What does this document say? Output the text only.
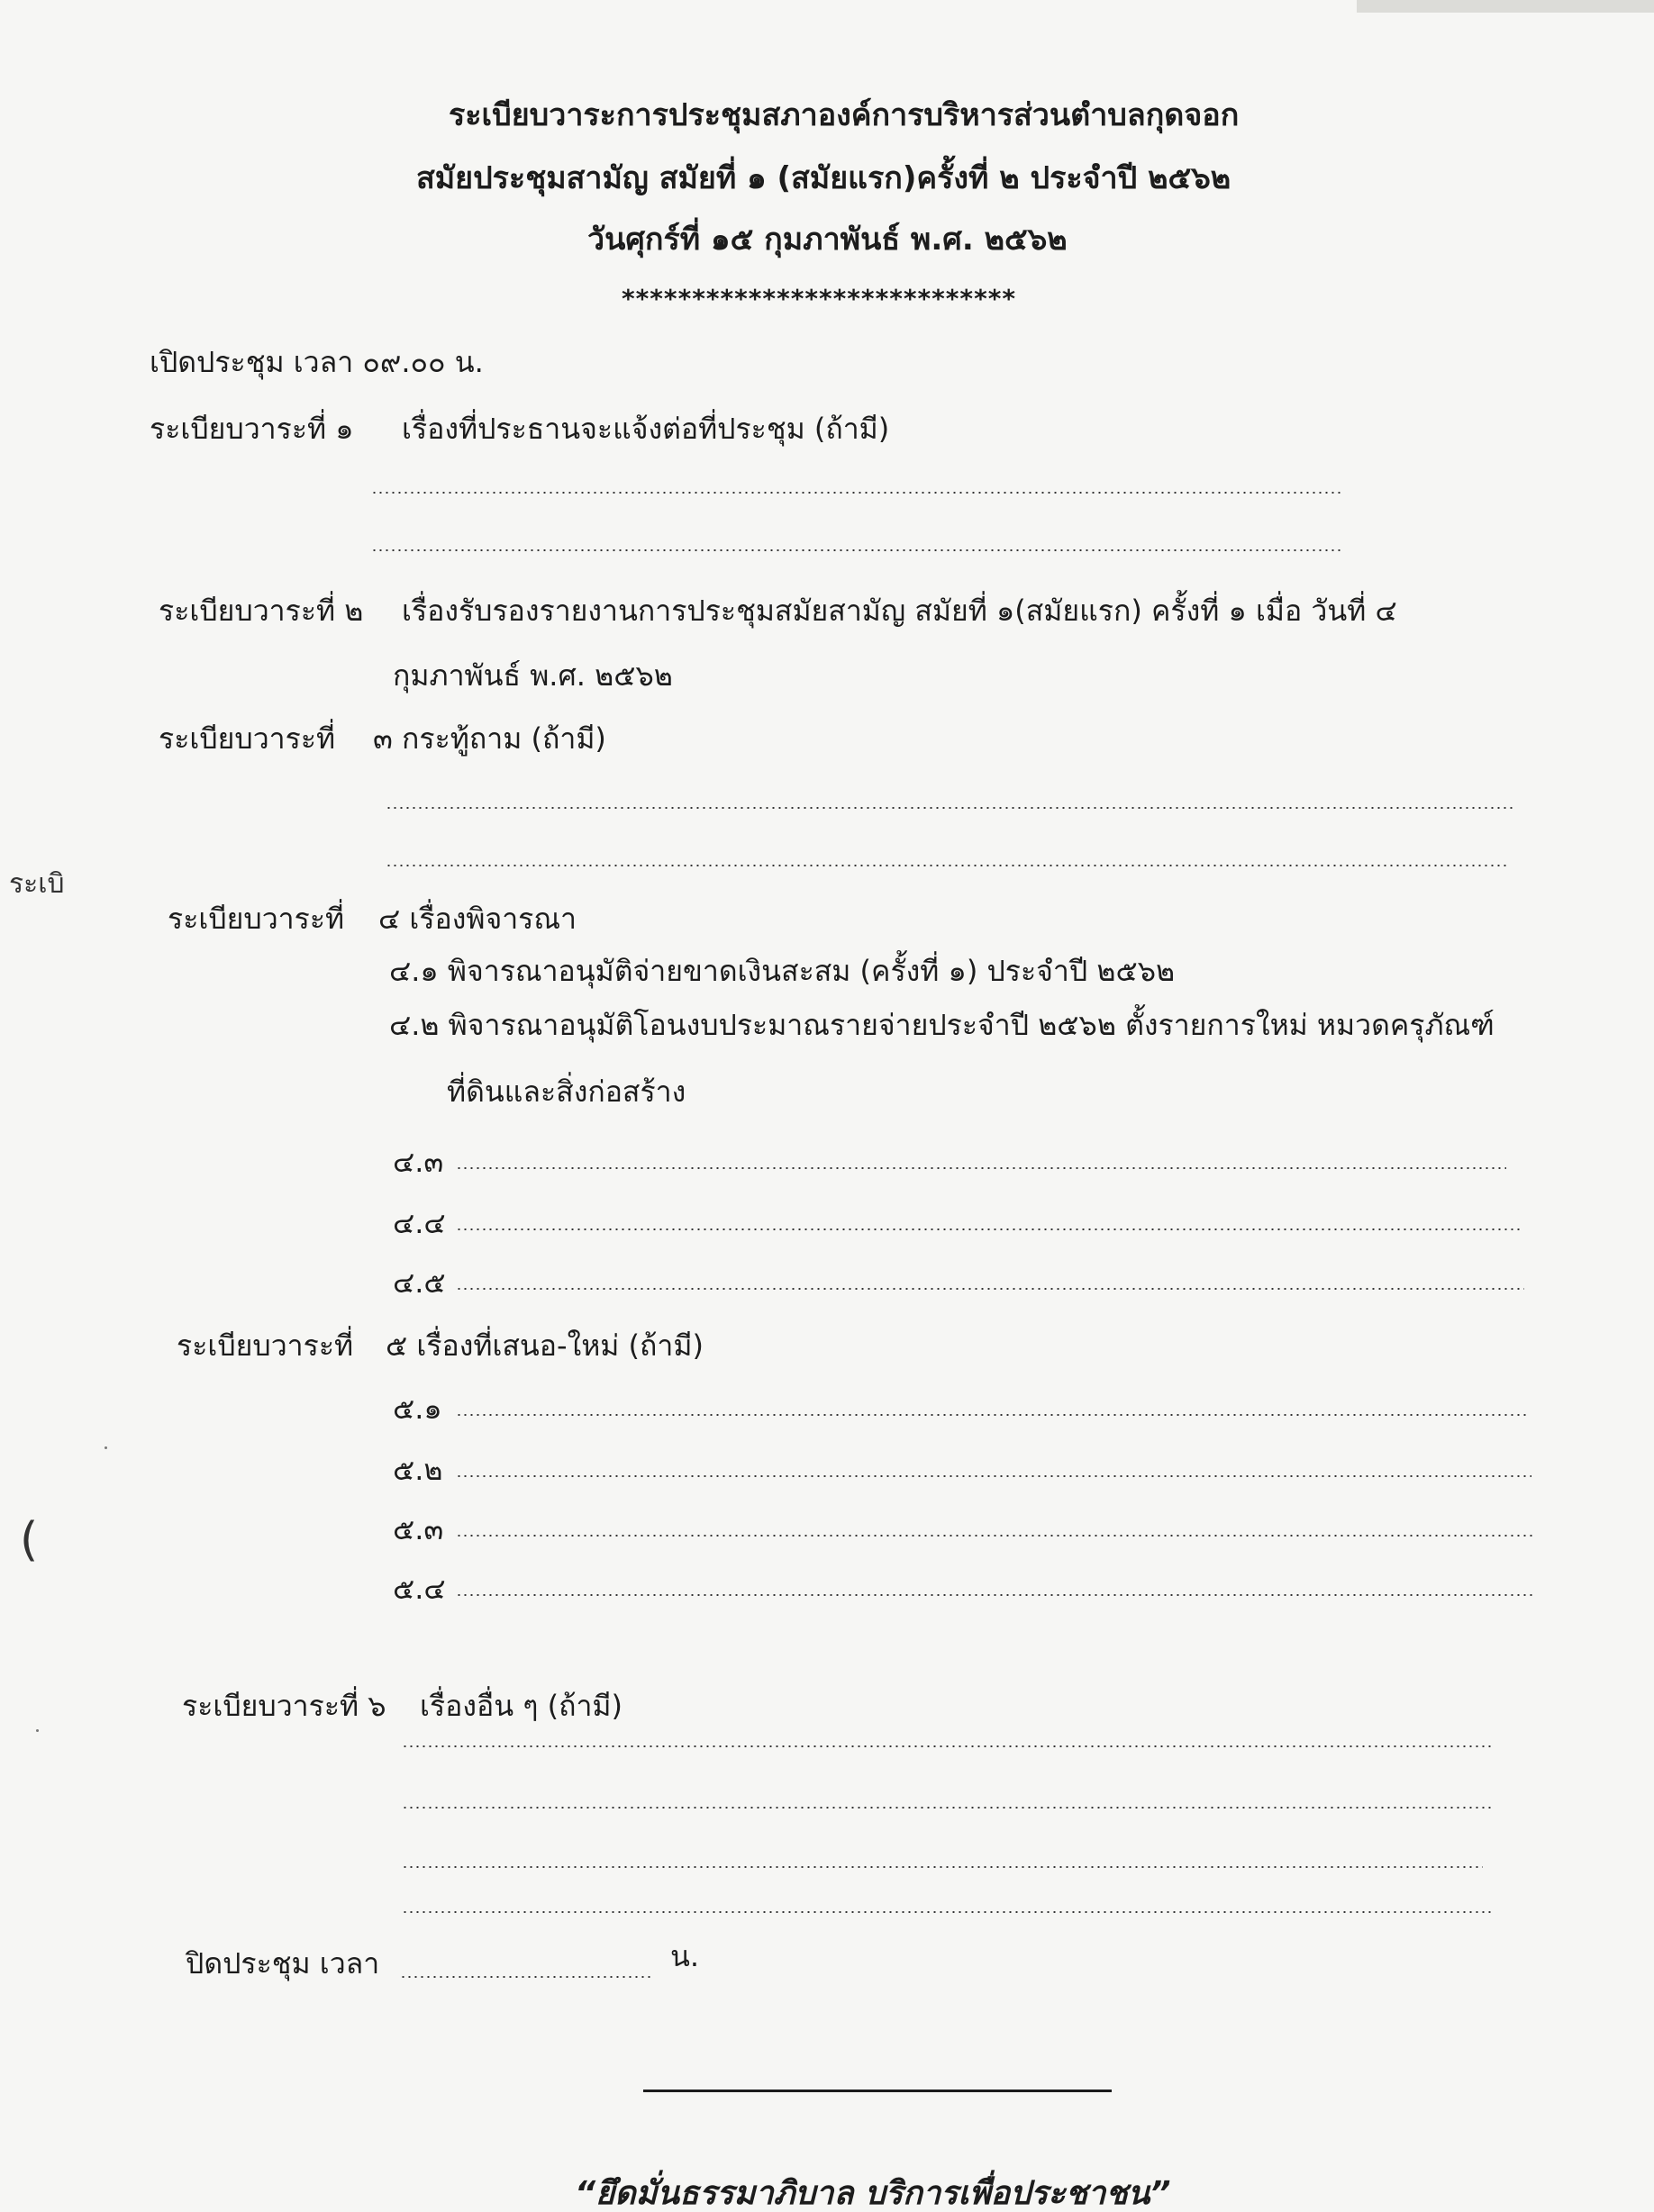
ระเบียบวาระการประชุมสภาองค์การบริหารส่วนตำบลกุดจอก
สมัยประชุมสามัญ สมัยที่ ๑ (สมัยแรก)ครั้งที่ ๒ ประจำปี ๒๕๖๒
วันศุกร์ที่ ๑๕ กุมภาพันธ์ พ.ศ. ๒๕๖๒
****************************
เปิดประชุม เวลา ๐๙.๐๐ น.
ระเบียบวาระที่ ๑ เรื่องที่ประธานจะแจ้งต่อที่ประชุม (ถ้ามี)
ระเบียบวาระที่ ๒ เรื่องรับรองรายงานการประชุมสมัยสามัญ สมัยที่ ๑(สมัยแรก) ครั้งที่ ๑ เมื่อ วันที่ ๔
กุมภาพันธ์ พ.ศ. ๒๕๖๒
ระเบียบวาระที่ ๓ กระทู้ถาม (ถ้ามี)
ระเบิ
(
ระเบียบวาระที่ ๔ เรื่องพิจารณา
๔.๑ พิจารณาอนุมัติจ่ายขาดเงินสะสม (ครั้งที่ ๑) ประจำปี ๒๕๖๒
๔.๒ พิจารณาอนุมัติโอนงบประมาณรายจ่ายประจำปี ๒๕๖๒ ตั้งรายการใหม่ หมวดครุภัณฑ์
ที่ดินและสิ่งก่อสร้าง
๔.๓
๔.๔
๔.๕
ระเบียบวาระที่ ๕ เรื่องที่เสนอ-ใหม่ (ถ้ามี)
๕.๑
๕.๒
๕.๓
๕.๔
ระเบียบวาระที่ ๖ เรื่องอื่น ๆ (ถ้ามี)
ปิดประชุม เวลา	น.
“ยึดมั่นธรรมาภิบาล บริการเพื่อประชาชน”
